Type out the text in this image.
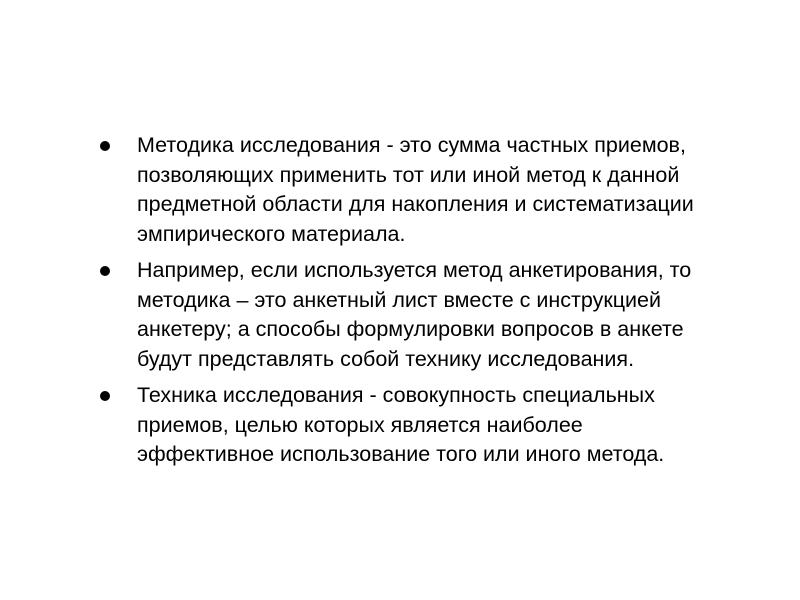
Методика исследования - это сумма частных приемов, позволяющих применить тот или иной метод к данной предметной области для накопления и систематизации эмпирического материала.
Например, если используется метод анкетирования, то методика – это анкетный лист вместе с инструкцией анкетеру; а способы формулировки вопросов в анкете будут представлять собой технику исследования.
Техника исследования - совокупность специальных приемов, целью которых является наиболее эффективное использование того или иного метода.
